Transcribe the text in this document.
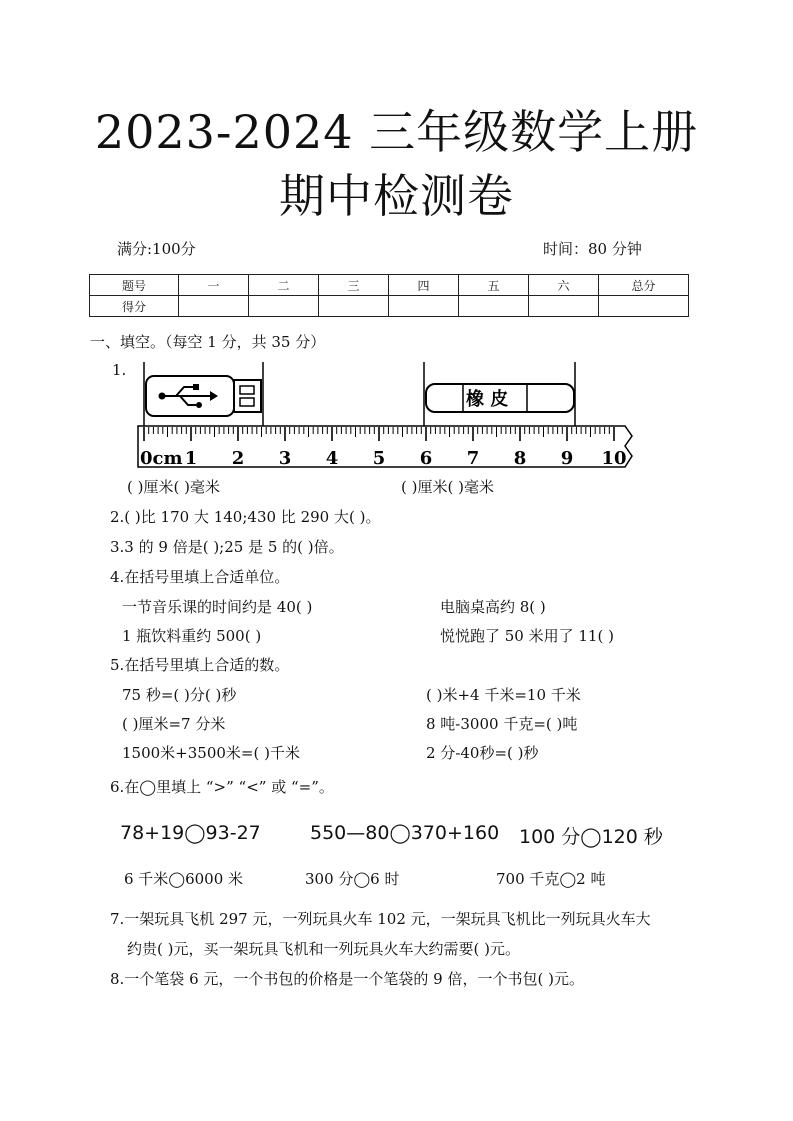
2023-2024 三年级数学上册
期中检测卷
满分:100分	时间：80 分钟
题号	一	二	三	四	五	六	总分
得分							
一、填空。（每空 1 分，共 35 分）
1.
橡 皮
0cm 1 2 3 4 5 6 7 8 9 10
( )厘米( )毫米	( )厘米( )毫米
2.( )比 170 大 140;430 比 290 大( )。
3.3 的 9 倍是( );25 是 5 的( )倍。
4.在括号里填上合适单位。
一节音乐课的时间约是 40( )	电脑桌高约 8( )
1 瓶饮料重约 500( )	悦悦跑了 50 米用了 11( )
5.在括号里填上合适的数。
75 秒=( )分( )秒	( )米+4 千米=10 千米
( )厘米=7 分米	8 吨-3000 千克=( )吨
1500米+3500米=( )千米	2 分-40秒=( )秒
6.在◯里填上 “>” “<” 或 “=”。
78+19◯93-27	550—80◯370+160 100 分◯120 秒
6 千米◯6000 米	300 分◯6 时	700 千克◯2 吨
7.一架玩具飞机 297 元，一列玩具火车 102 元，一架玩具飞机比一列玩具火车大
约贵( )元，买一架玩具飞机和一列玩具火车大约需要( )元。
8.一个笔袋 6 元，一个书包的价格是一个笔袋的 9 倍，一个书包( )元。
